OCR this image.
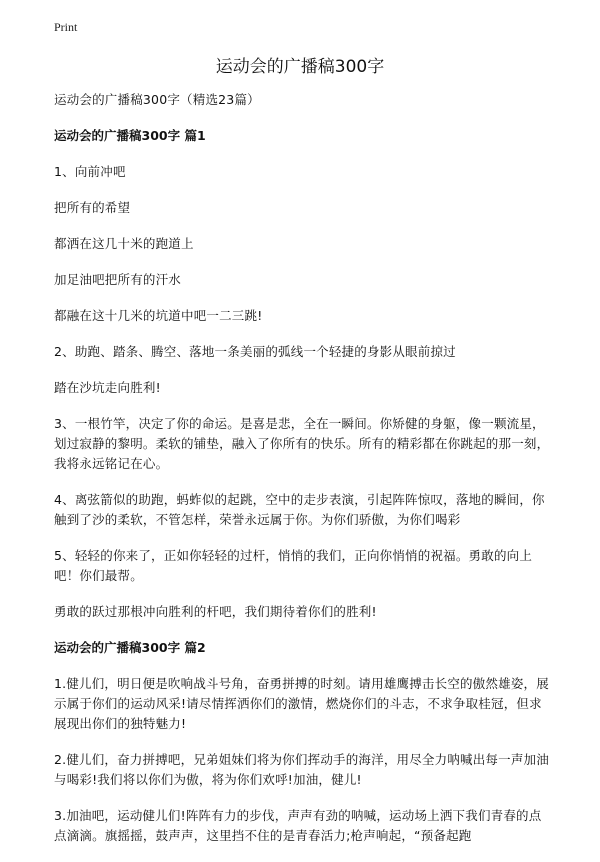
Print
运动会的广播稿300字

运动会的广播稿300字（精选23篇）

运动会的广播稿300字 篇1

1、向前冲吧

把所有的希望

都洒在这几十米的跑道上

加足油吧把所有的汗水

都融在这十几米的坑道中吧一二三跳!

2、助跑、踏条、腾空、落地一条美丽的弧线一个轻捷的身影从眼前掠过

踏在沙坑走向胜利!

3、一根竹竿，决定了你的命运。是喜是悲，全在一瞬间。你矫健的身躯，像一颗流星，划过寂静的黎明。柔软的铺垫，融入了你所有的快乐。所有的精彩都在你跳起的那一刻，我将永远铭记在心。

4、离弦箭似的助跑，蚂蚱似的起跳，空中的走步表演，引起阵阵惊叹，落地的瞬间，你触到了沙的柔软，不管怎样，荣誉永远属于你。为你们骄傲，为你们喝彩

5、轻轻的你来了，正如你轻轻的过杆，悄悄的我们，正向你悄悄的祝福。勇敢的向上吧！你们最帮。

勇敢的跃过那根冲向胜利的杆吧，我们期待着你们的胜利!

运动会的广播稿300字 篇2

1.健儿们，明日便是吹响战斗号角，奋勇拼搏的时刻。请用雄鹰搏击长空的傲然雄姿，展示属于你们的运动风采!请尽情挥洒你们的激情，燃烧你们的斗志，不求争取桂冠，但求展现出你们的独特魅力!

2.健儿们，奋力拼搏吧，兄弟姐妹们将为你们挥动手的海洋，用尽全力呐喊出每一声加油与喝彩!我们将以你们为傲，将为你们欢呼!加油，健儿!

3.加油吧，运动健儿们!阵阵有力的步伐，声声有劲的呐喊，运动场上洒下我们青春的点点滴滴。旗摇摇，鼓声声，这里挡不住的是青春活力;枪声响起，“预备起跑
